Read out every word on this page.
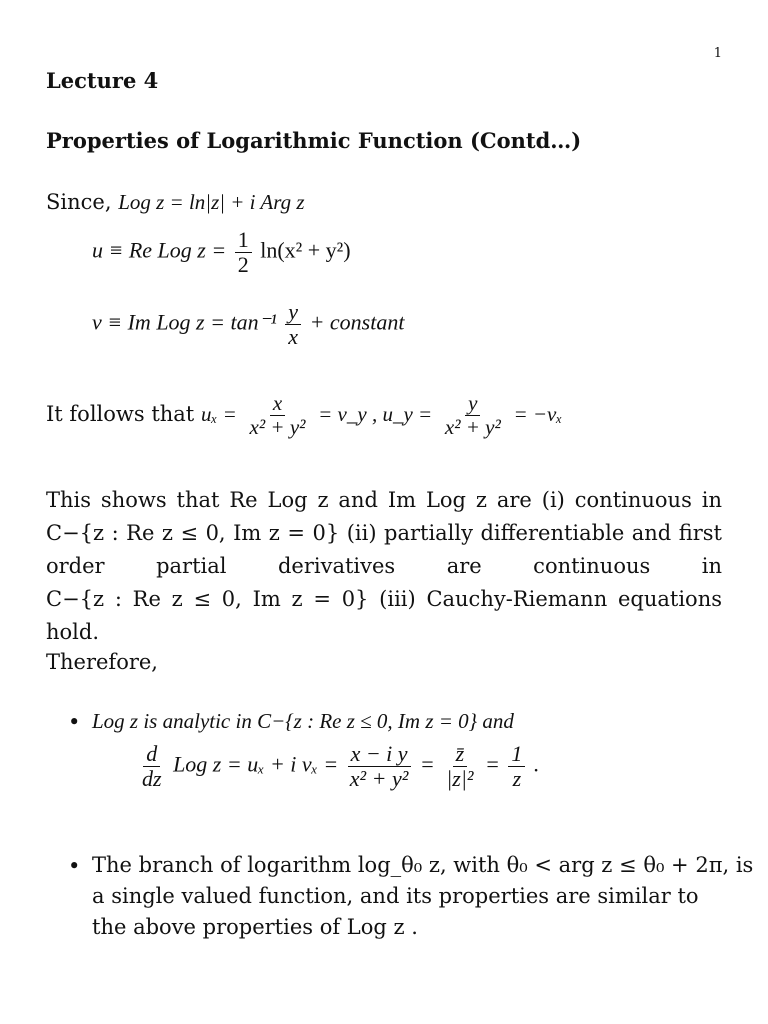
1
Lecture 4
Properties of Logarithmic Function (Contd…)
Since, Log z = ln|z| + i Arg z
u ≡ Re Log $z = \frac{1}{2} \ln(x^2 + y^2)$
v ≡ Im Log $z = \tan^{-1} \frac{y}{x}$ + constant
It follows that $u_x = \frac{x}{\text{x² + y²}}$ = v_y , u_y = $\frac{y}{\text{x² + y²}} = -v_x$
This shows that Re Log z and Im Log z are (i) continuous in
C−{z : Re z ≤ 0, Im z = 0} (ii) partially differentiable and first
order partial derivatives are continuous in
C−{z : Re z ≤ 0, Im z = 0} (iii) Cauchy-Riemann equations hold.
Therefore,
• Log z is analytic in C−{z : Re z ≤ 0, Im z = 0} and
$\frac{d}{dz}$ Log z = uₓ + i $v_x = \frac{\text{x − i y}}{\text{x² + y²}} = \frac{z̄}{\text{|z|²}} = \frac{1}{z}$ .
• The branch of logarithm log_θ₀ z, with θ₀ < arg z ≤ θ₀ + 2π, is
a single valued function, and its properties are similar to
the above properties of Log z .
